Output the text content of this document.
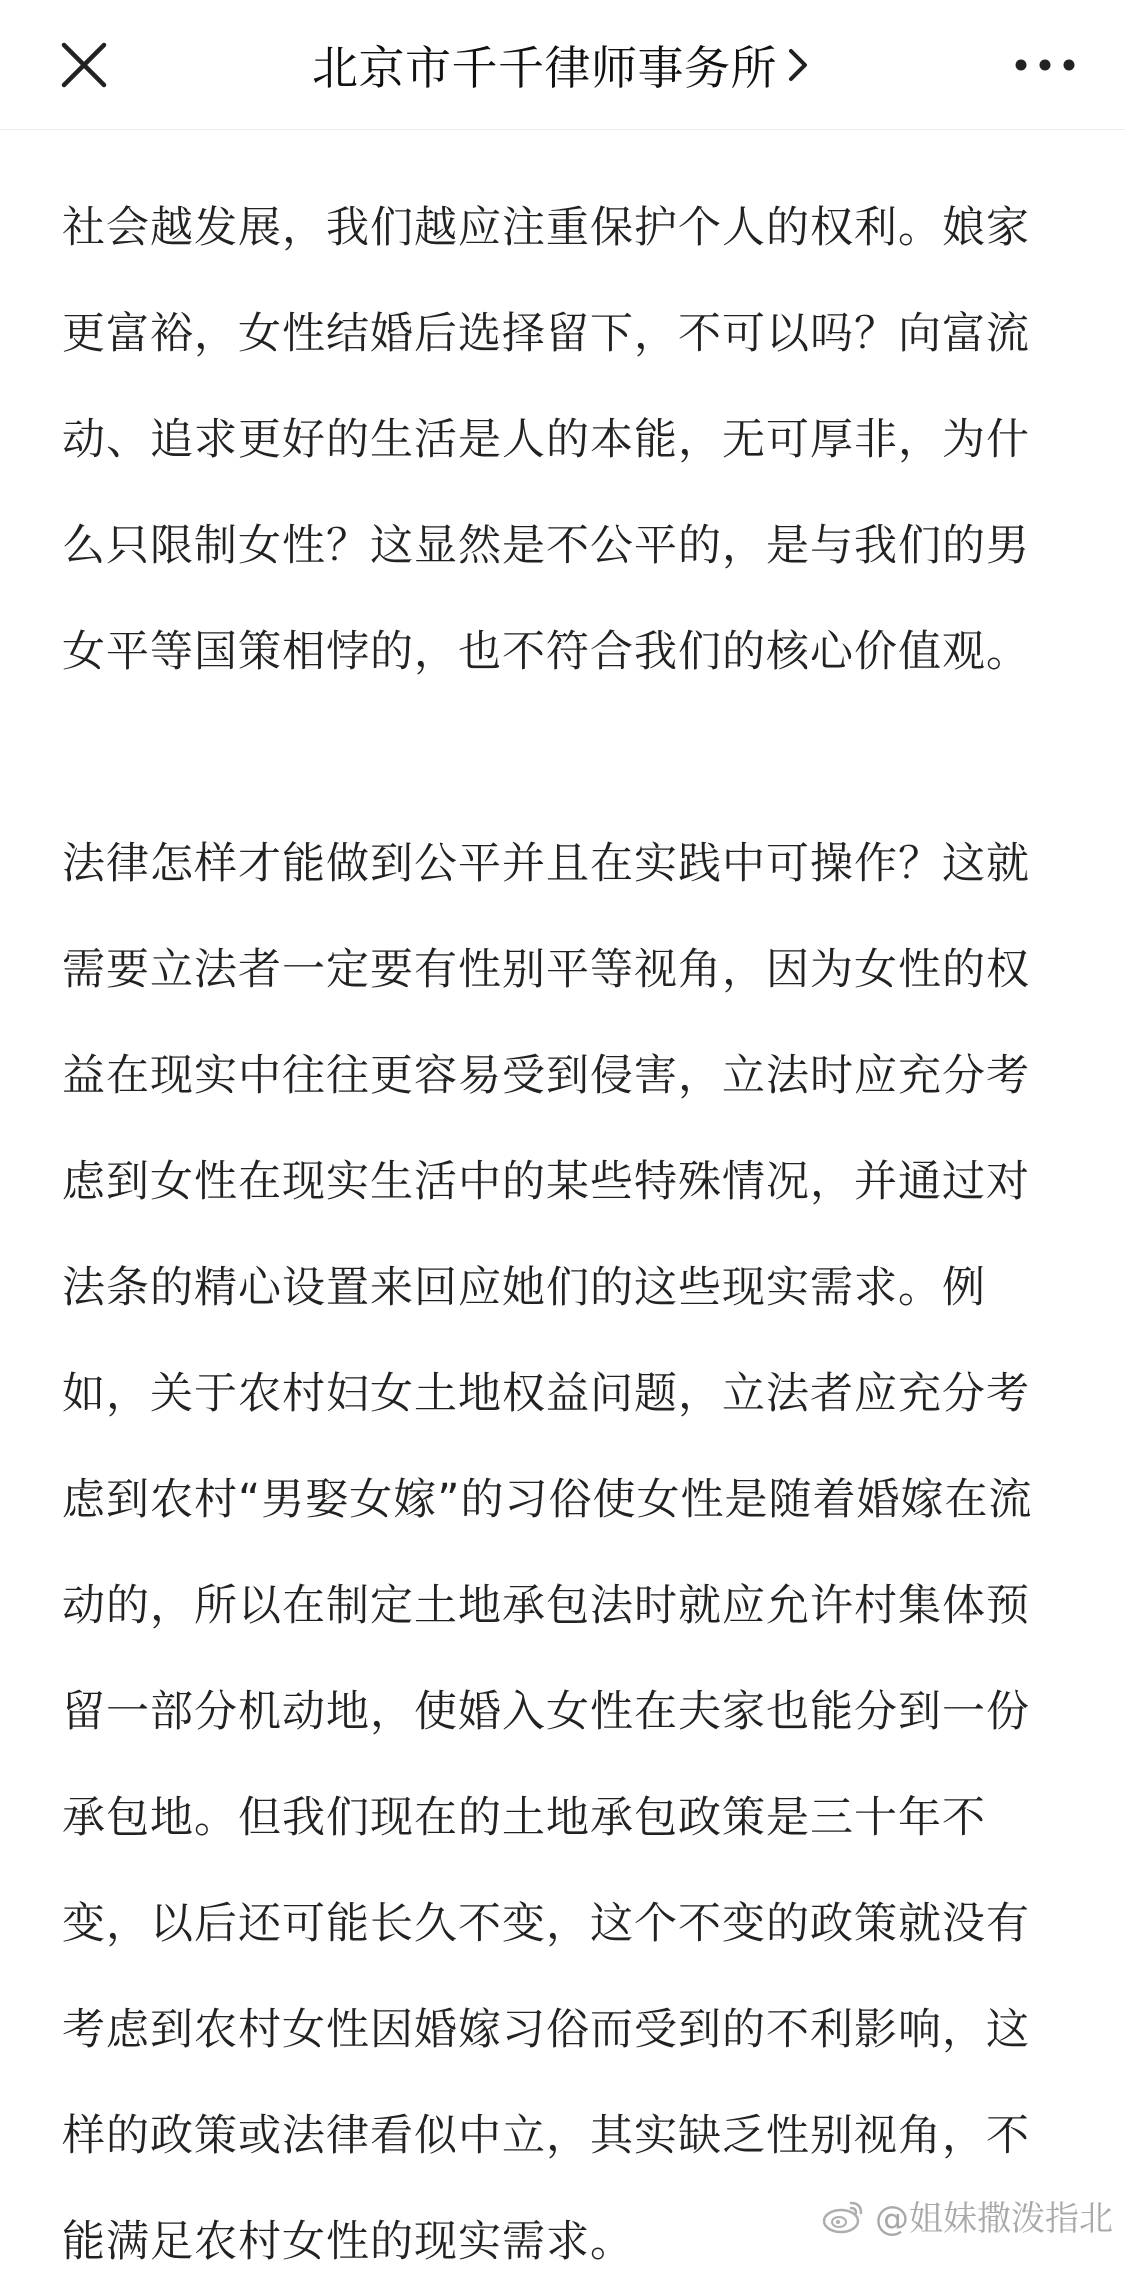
北京市千千律师事务所

社会越发展，我们越应注重保护个人的权利。娘家更富裕，女性结婚后选择留下，不可以吗？向富流动、追求更好的生活是人的本能，无可厚非，为什么只限制女性？这显然是不公平的，是与我们的男女平等国策相悖的，也不符合我们的核心价值观。

法律怎样才能做到公平并且在实践中可操作？这就需要立法者一定要有性别平等视角，因为女性的权益在现实中往往更容易受到侵害，立法时应充分考虑到女性在现实生活中的某些特殊情况，并通过对法条的精心设置来回应她们的这些现实需求。例如，关于农村妇女土地权益问题，立法者应充分考虑到农村“男娶女嫁”的习俗使女性是随着婚嫁在流动的，所以在制定土地承包法时就应允许村集体预留一部分机动地，使婚入女性在夫家也能分到一份承包地。但我们现在的土地承包政策是三十年不变，以后还可能长久不变，这个不变的政策就没有考虑到农村女性因婚嫁习俗而受到的不利影响，这样的政策或法律看似中立，其实缺乏性别视角，不能满足农村女性的现实需求。	@姐妹撒泼指北
